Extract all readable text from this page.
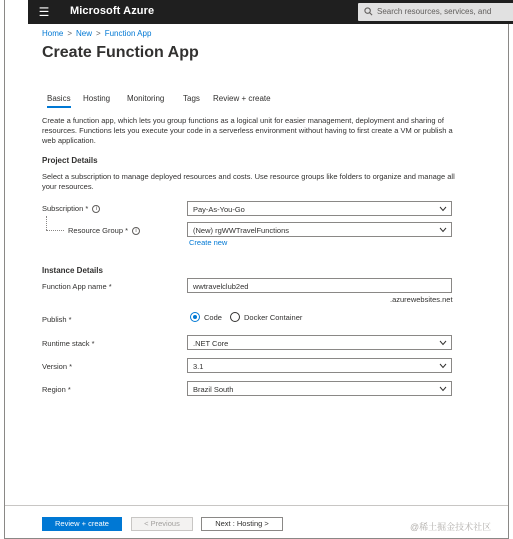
☰ Microsoft Azure	Search resources, services, and
Home > New > Function App
Create Function App
Basics Hosting Monitoring Tags Review + create
Create a function app, which lets you group functions as a logical unit for easier management, deployment and sharing of resources. Functions lets you execute your code in a serverless environment without having to first create a VM or publish a web application.
Project Details
Select a subscription to manage deployed resources and costs. Use resource groups like folders to organize and manage all your resources.
Subscription * i	Pay-As-You-Go
Resource Group * i	(New) rgWWTravelFunctions
Create new
Instance Details
Function App name *	wwtravelclub2ed
.azurewebsites.net
Publish *	Code	Docker Container
Runtime stack *	.NET Core
Version *	3.1
Region *	Brazil South
Review + create	< Previous	Next : Hosting >	@稀土掘金技术社区
